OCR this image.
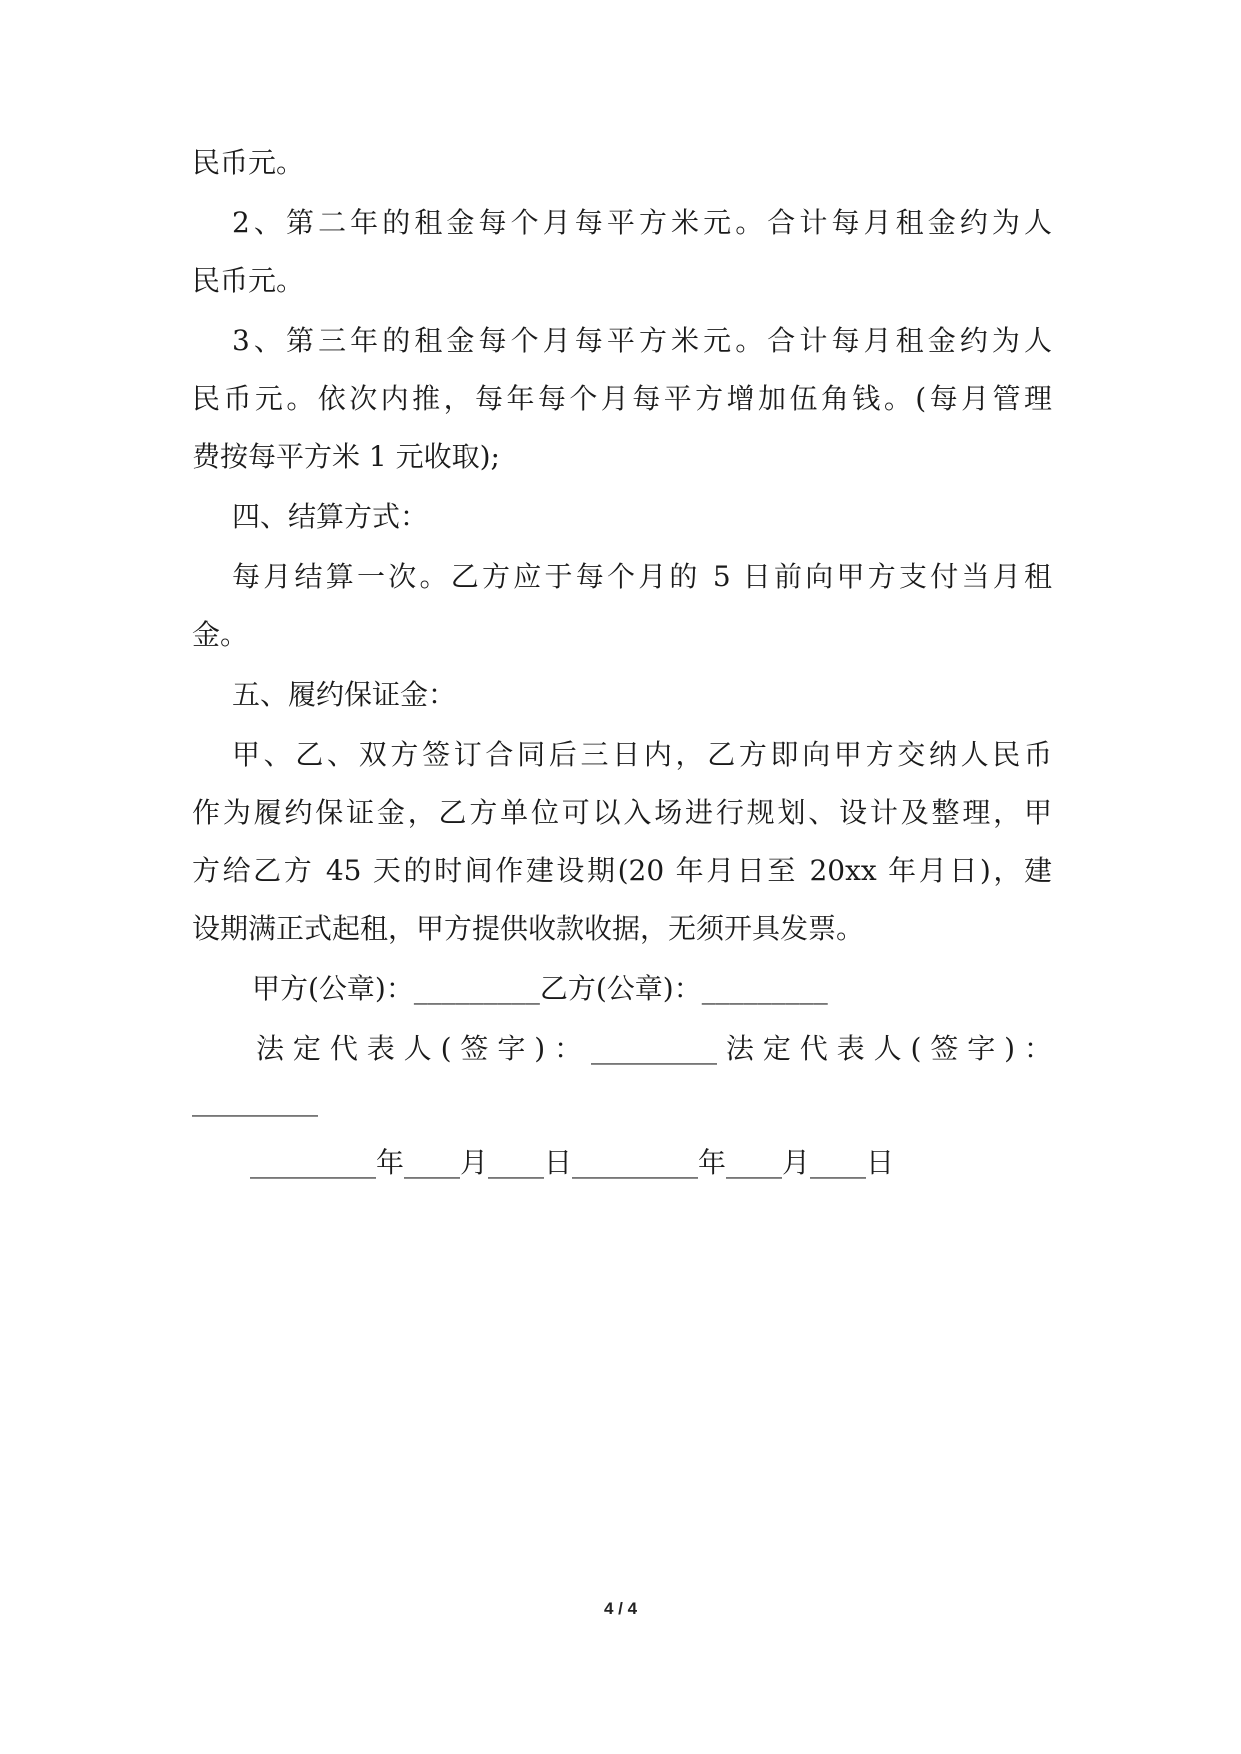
民币元。
2、第二年的租金每个月每平方米元。合计每月租金约为人
民币元。
3、第三年的租金每个月每平方米元。合计每月租金约为人
民币元。依次内推，每年每个月每平方增加伍角钱。(每月管理
费按每平方米 1 元收取);
四、结算方式：
每月结算一次。乙方应于每个月的 5 日前向甲方支付当月租
金。
五、履约保证金：
甲、乙、双方签订合同后三日内，乙方即向甲方交纳人民币
作为履约保证金，乙方单位可以入场进行规划、设计及整理，甲
方给乙方 45 天的时间作建设期(20 年月日至 20xx 年月日)，建
设期满正式起租，甲方提供收款收据，无须开具发票。
甲方(公章)：_________乙方(公章)：_________
法定代表人(签字)：_________法定代表人(签字)：
_________
_________年____月____日_________年____月____日
4 / 4
